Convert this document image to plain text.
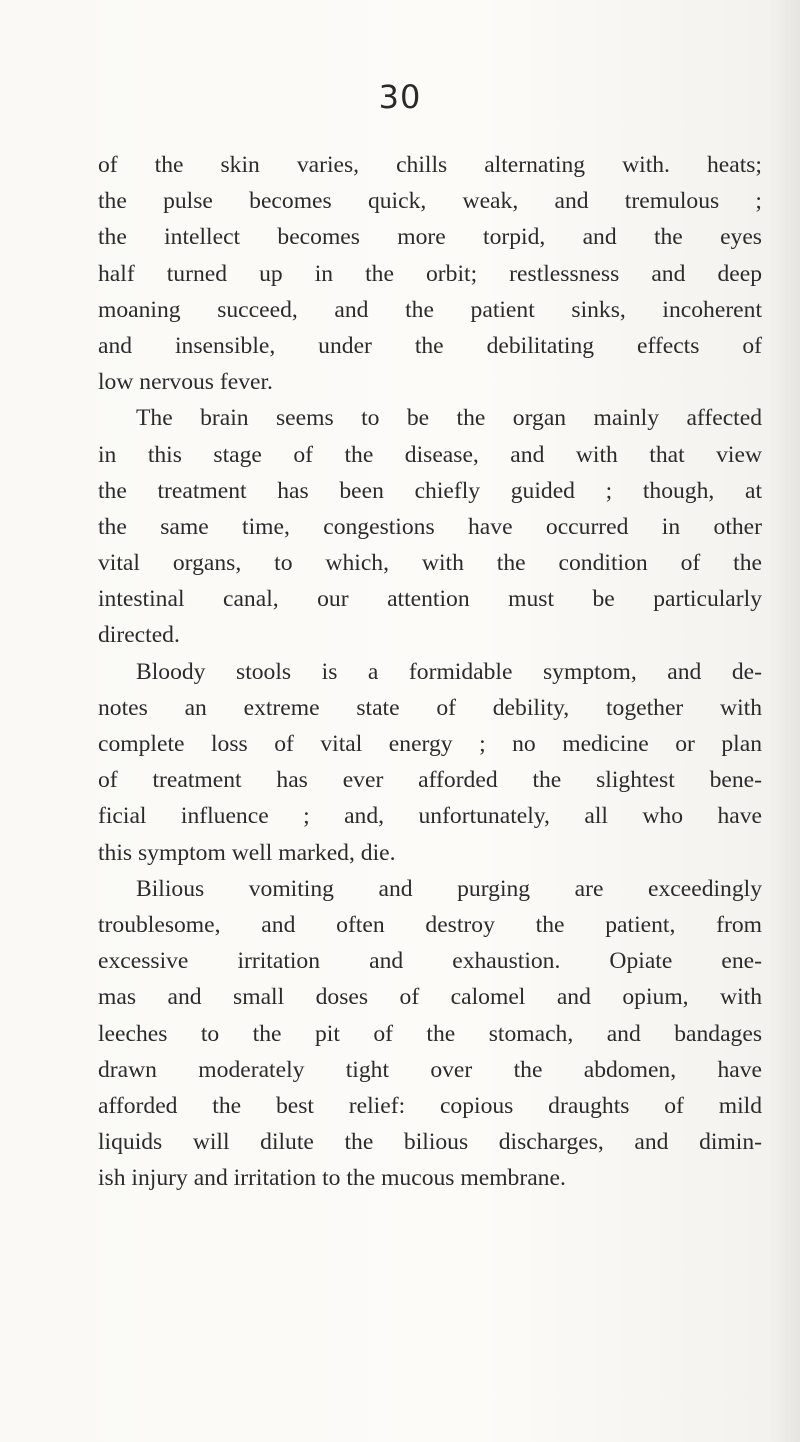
30
of the skin varies, chills alternating with. heats;
the pulse becomes quick, weak, and tremulous ;
the intellect becomes more torpid, and the eyes
half turned up in the orbit; restlessness and deep
moaning succeed, and the patient sinks, incoherent
and insensible, under the debilitating effects of
low nervous fever.
The brain seems to be the organ mainly affected
in this stage of the disease, and with that view
the treatment has been chiefly guided ; though, at
the same time, congestions have occurred in other
vital organs, to which, with the condition of the
intestinal canal, our attention must be particularly
directed.
Bloody stools is a formidable symptom, and de-
notes an extreme state of debility, together with
complete loss of vital energy ; no medicine or plan
of treatment has ever afforded the slightest bene-
ficial influence ; and, unfortunately, all who have
this symptom well marked, die.
Bilious vomiting and purging are exceedingly
troublesome, and often destroy the patient, from
excessive irritation and exhaustion. Opiate ene-
mas and small doses of calomel and opium, with
leeches to the pit of the stomach, and bandages
drawn moderately tight over the abdomen, have
afforded the best relief: copious draughts of mild
liquids will dilute the bilious discharges, and dimin-
ish injury and irritation to the mucous membrane.
